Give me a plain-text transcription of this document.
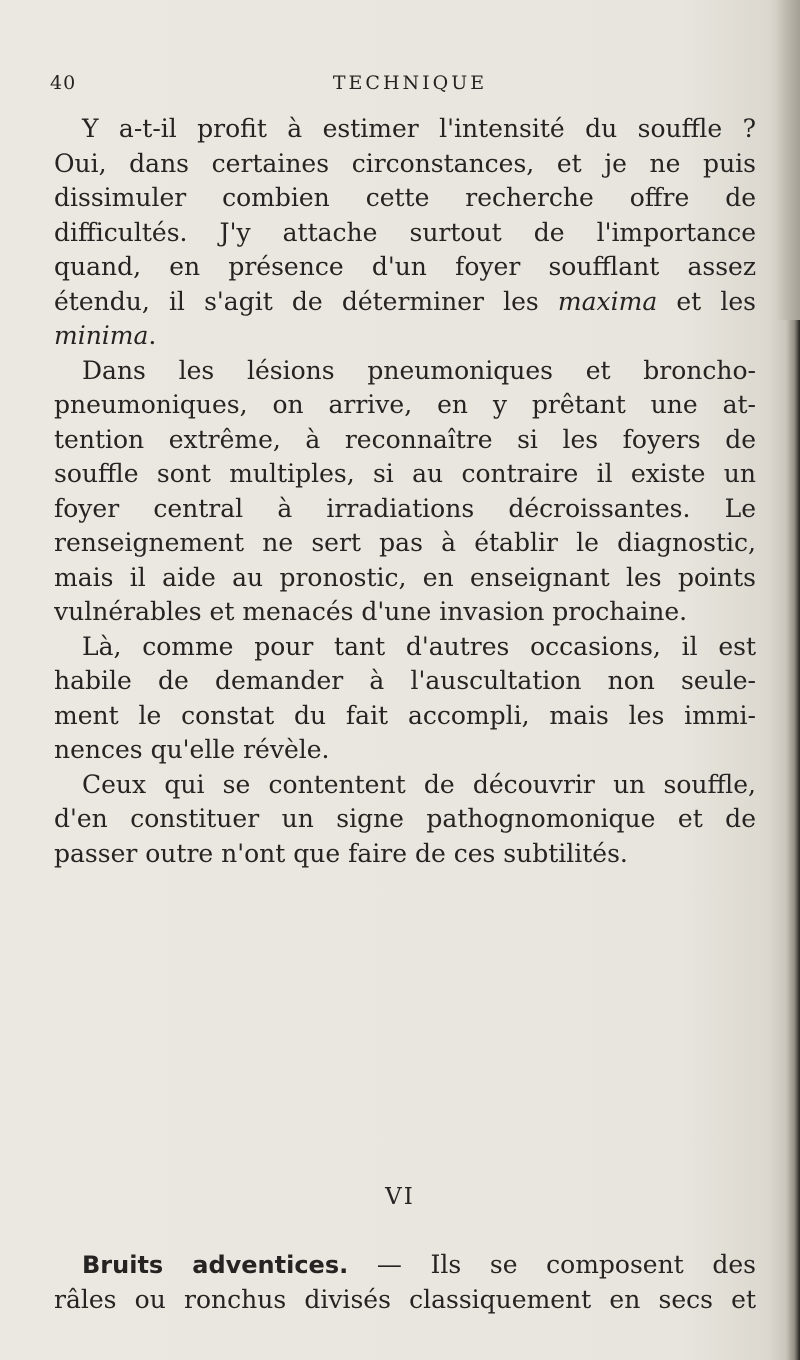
40	TECHNIQUE
Y a-t-il profit à estimer l'intensité du souffle ?
Oui, dans certaines circonstances, et je ne puis
dissimuler combien cette recherche offre de
difficultés. J'y attache surtout de l'importance
quand, en présence d'un foyer soufflant assez
étendu, il s'agit de déterminer les maxima et les
minima.
Dans les lésions pneumoniques et broncho-
pneumoniques, on arrive, en y prêtant une at-
tention extrême, à reconnaître si les foyers de
souffle sont multiples, si au contraire il existe un
foyer central à irradiations décroissantes. Le
renseignement ne sert pas à établir le diagnostic,
mais il aide au pronostic, en enseignant les points
vulnérables et menacés d'une invasion prochaine.
Là, comme pour tant d'autres occasions, il est
habile de demander à l'auscultation non seule-
ment le constat du fait accompli, mais les immi-
nences qu'elle révèle.
Ceux qui se contentent de découvrir un souffle,
d'en constituer un signe pathognomonique et de
passer outre n'ont que faire de ces subtilités.
VI
Bruits adventices. — Ils se composent des
râles ou ronchus divisés classiquement en secs et
